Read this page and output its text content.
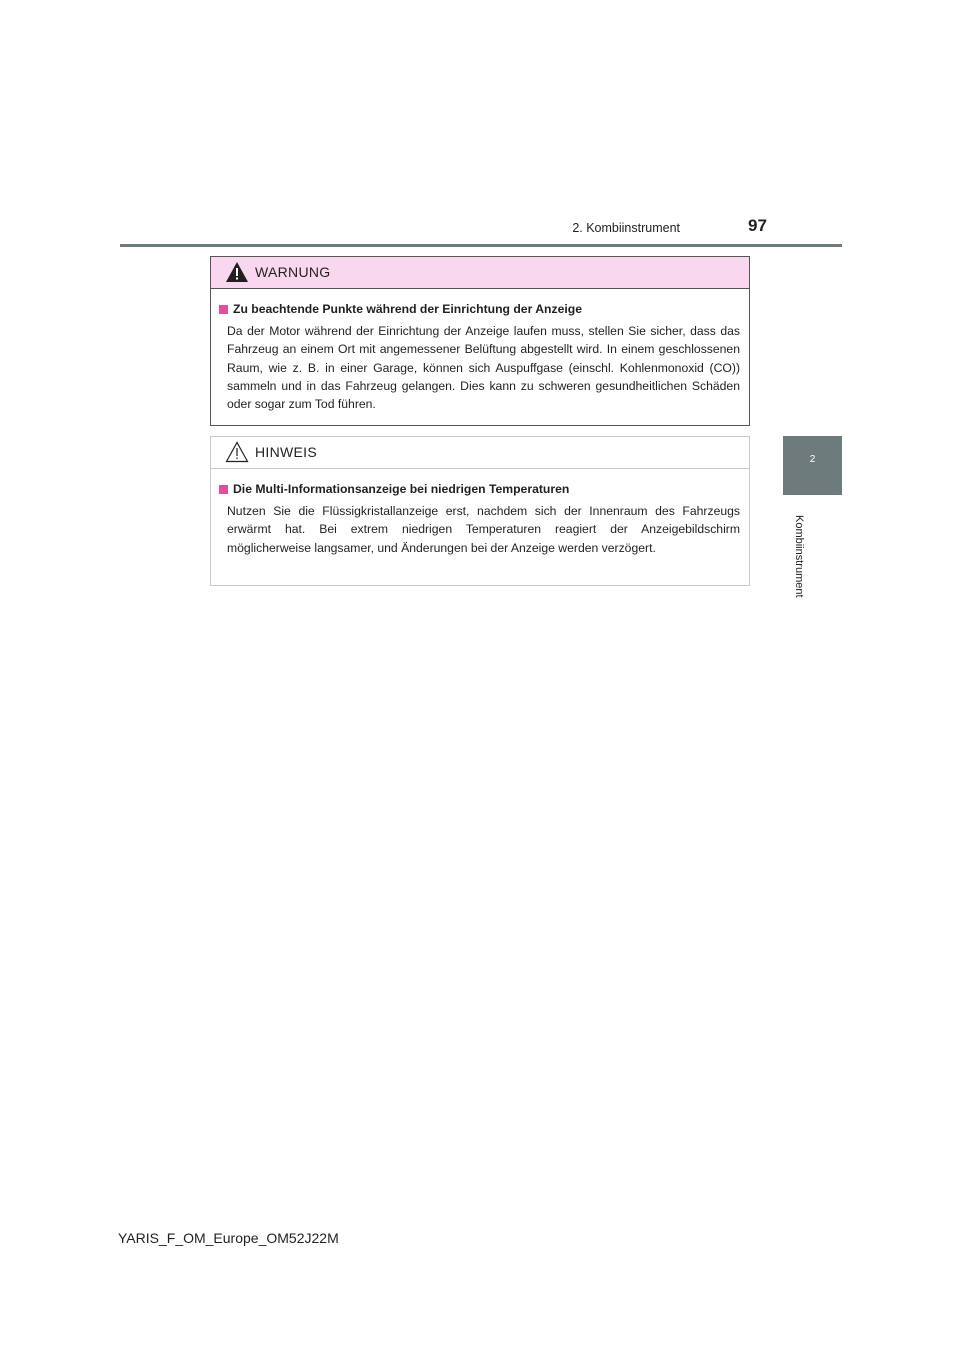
2. Kombiinstrument	97
2
Kombiinstrument
WARNUNG
Zu beachtende Punkte während der Einrichtung der Anzeige
Da der Motor während der Einrichtung der Anzeige laufen muss, stellen Sie sicher, dass das Fahrzeug an einem Ort mit angemessener Belüftung abgestellt wird. In einem geschlossenen Raum, wie z. B. in einer Garage, können sich Auspuffgase (einschl. Kohlenmonoxid (CO)) sammeln und in das Fahrzeug gelangen. Dies kann zu schweren gesundheitlichen Schäden oder sogar zum Tod führen.
HINWEIS
Die Multi-Informationsanzeige bei niedrigen Temperaturen
Nutzen Sie die Flüssigkristallanzeige erst, nachdem sich der Innenraum des Fahrzeugs erwärmt hat. Bei extrem niedrigen Temperaturen reagiert der Anzeigebildschirm möglicherweise langsamer, und Änderungen bei der Anzeige werden verzögert.
YARIS_F_OM_Europe_OM52J22M
